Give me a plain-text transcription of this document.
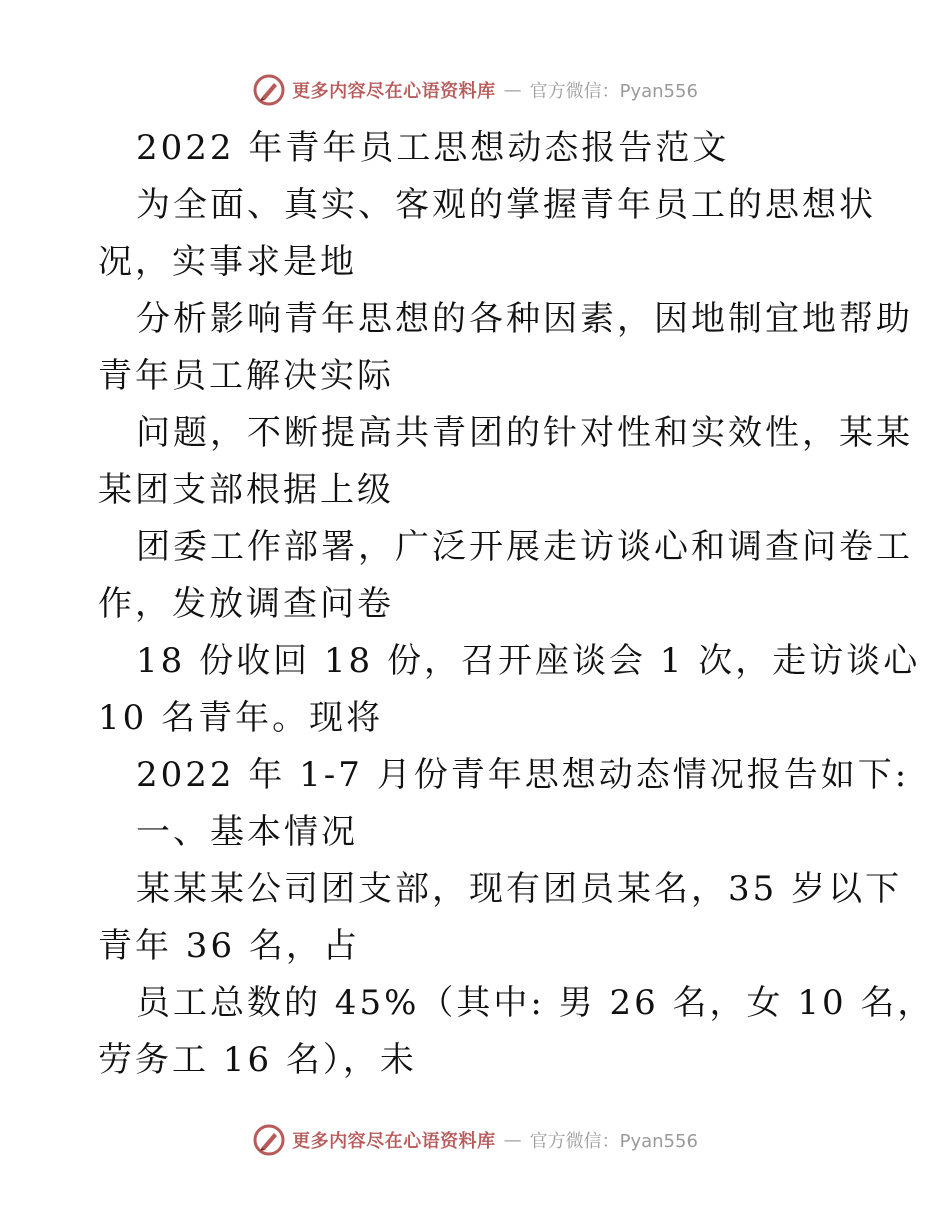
更多内容尽在心语资料库 — 官方微信：Pyan556

2022 年青年员工思想动态报告范文

为全面、真实、客观的掌握青年员工的思想状

况，实事求是地

分析影响青年思想的各种因素，因地制宜地帮助

青年员工解决实际

问题，不断提高共青团的针对性和实效性，某某

某团支部根据上级

团委工作部署，广泛开展走访谈心和调查问卷工

作，发放调查问卷

18 份收回 18 份，召开座谈会 1 次，走访谈心

10 名青年。现将

2022 年 1-7 月份青年思想动态情况报告如下:

一、基本情况

某某某公司团支部，现有团员某名，35 岁以下

青年 36 名，占

员工总数的 45%（其中: 男 26 名，女 10 名，

劳务工 16 名），未

更多内容尽在心语资料库 — 官方微信：Pyan556
